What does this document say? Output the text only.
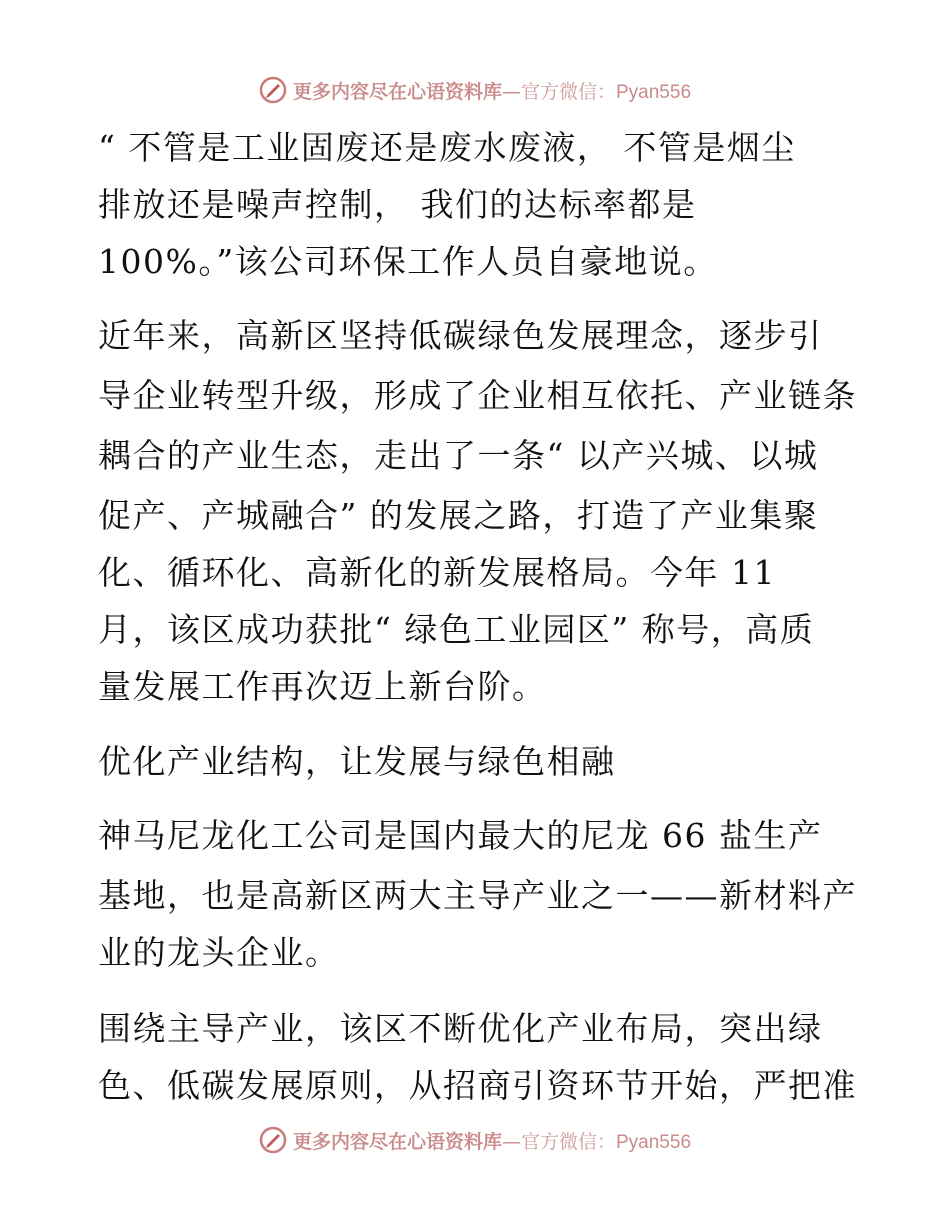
更多内容尽在心语资料库—官方微信：Pyan556
“ 不管是工业固废还是废水废液， 不管是烟尘
排放还是噪声控制， 我们的达标率都是
100%。”该公司环保工作人员自豪地说。
近年来，高新区坚持低碳绿色发展理念，逐步引
导企业转型升级，形成了企业相互依托、产业链条
耦合的产业生态，走出了一条“ 以产兴城、以城
促产、产城融合” 的发展之路，打造了产业集聚
化、循环化、高新化的新发展格局。今年 11
月，该区成功获批“ 绿色工业园区” 称号，高质
量发展工作再次迈上新台阶。
优化产业结构，让发展与绿色相融
神马尼龙化工公司是国内最大的尼龙 66 盐生产
基地，也是高新区两大主导产业之一——新材料产
业的龙头企业。
围绕主导产业，该区不断优化产业布局，突出绿
色、低碳发展原则，从招商引资环节开始，严把准
更多内容尽在心语资料库—官方微信：Pyan556
